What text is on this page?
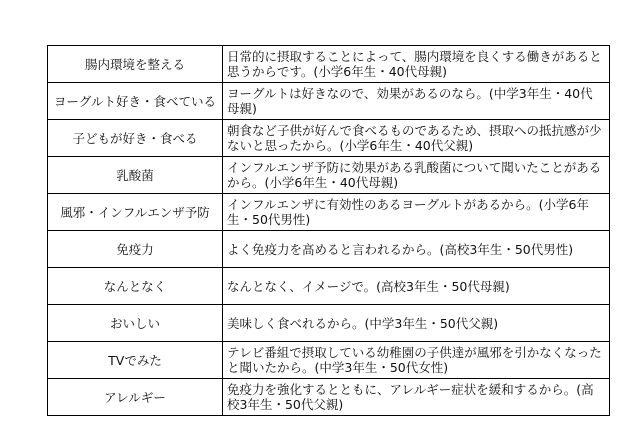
腸内環境を整える	日常的に摂取することによって、腸内環境を良くする働きがあると思うからです。(小学6年生・40代母親)
ヨーグルト好き・食べている	ヨーグルトは好きなので、効果があるのなら。(中学3年生・40代母親)
子どもが好き・食べる	朝食など子供が好んで食べるものであるため、摂取への抵抗感が少ないと思ったから。(小学6年生・40代父親)
乳酸菌	インフルエンザ予防に効果がある乳酸菌について聞いたことがあるから。(小学6年生・40代母親)
風邪・インフルエンザ予防	インフルエンザに有効性のあるヨーグルトがあるから。(小学6年生・50代男性)
免疫力	よく免疫力を高めると言われるから。(高校3年生・50代男性)
なんとなく	なんとなく、イメージで。(高校3年生・50代母親)
おいしい	美味しく食べれるから。(中学3年生・50代父親)
TVでみた	テレビ番組で摂取している幼稚園の子供達が風邪を引かなくなったと聞いたから。(中学3年生・50代女性)
アレルギー	免疫力を強化するとともに、アレルギー症状を緩和するから。(高校3年生・50代父親)
